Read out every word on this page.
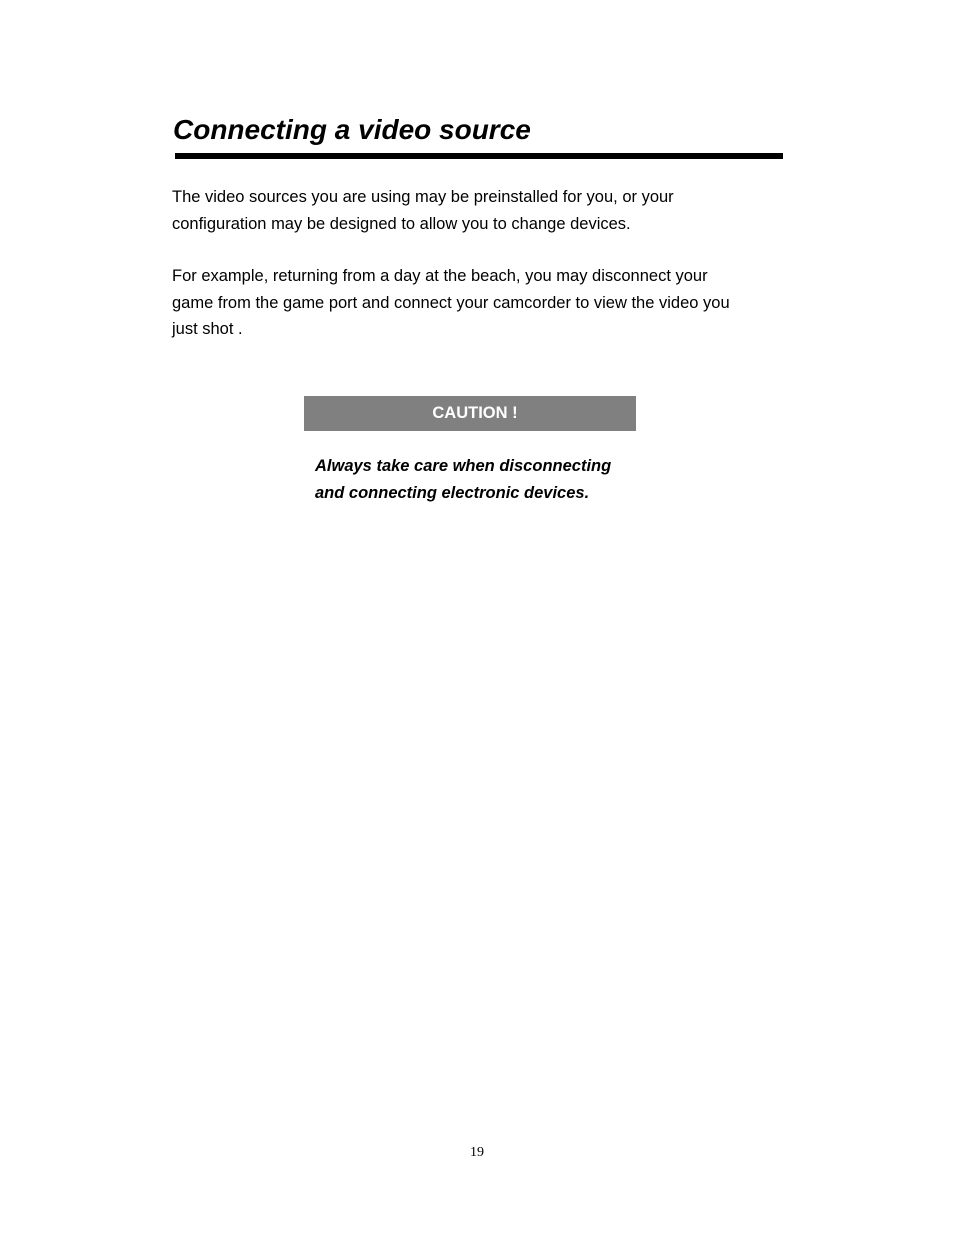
Connecting a video source

The video sources you are using may be preinstalled for you, or your
configuration may be designed to allow you to change devices.

For example, returning from a day at the beach, you may disconnect your
game from the game port and connect your camcorder to view the video you
just shot .

CAUTION !

Always take care when disconnecting
and connecting electronic devices.

19
